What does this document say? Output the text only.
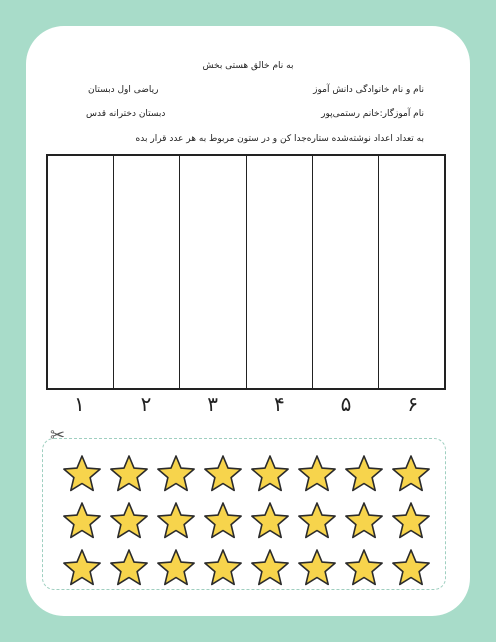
به نام خالق هستی بخش
نام و نام خانوادگی دانش آموز
ریاضی اول دبستان
نام آموزگار:خانم رستمی‌پور
دبستان دخترانه قدس
به تعداد اعداد نوشته‌شده ستاره‌جدا کن و در ستون مربوط به هر عدد قرار بده
۱	۲	۳	۴	۵	۶
✂
